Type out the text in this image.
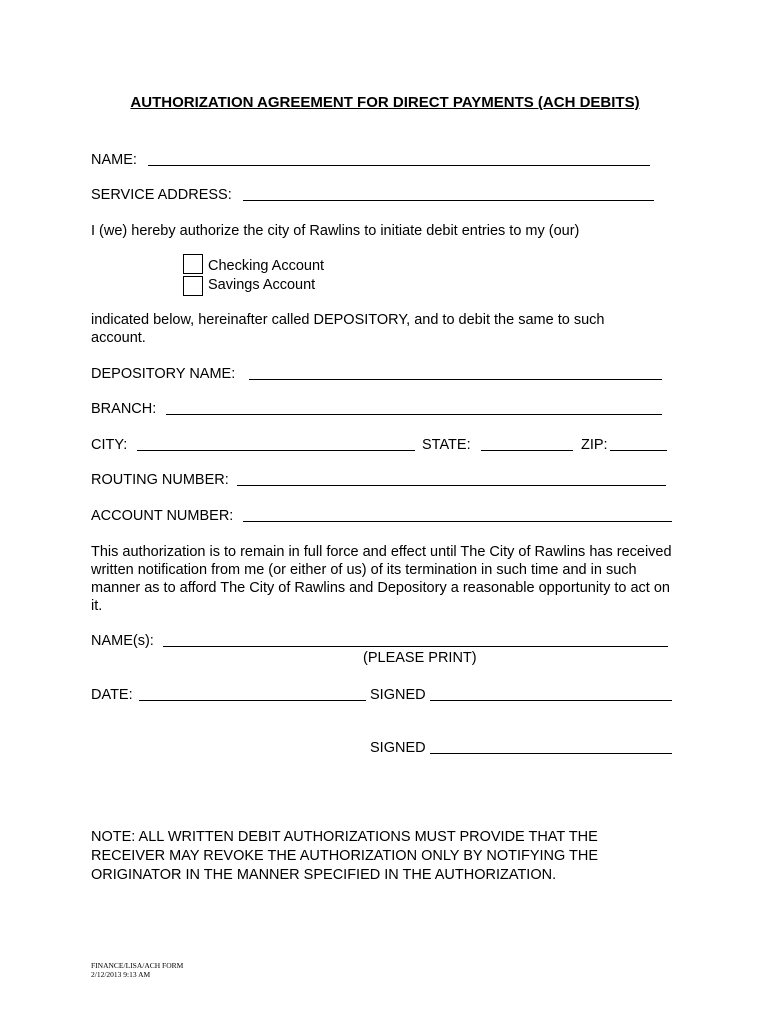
AUTHORIZATION AGREEMENT FOR DIRECT PAYMENTS (ACH DEBITS)
NAME:
SERVICE ADDRESS:
I (we) hereby authorize the city of Rawlins to initiate debit entries to my (our)
Checking Account
Savings Account
indicated below, hereinafter called DEPOSITORY, and to debit the same to such account.
DEPOSITORY NAME:
BRANCH:
CITY:	STATE:	ZIP:
ROUTING NUMBER:
ACCOUNT NUMBER:
This authorization is to remain in full force and effect until The City of Rawlins has received written notification from me (or either of us) of its termination in such time and in such manner as to afford The City of Rawlins and Depository a reasonable opportunity to act on it.
NAME(s):
(PLEASE PRINT)
DATE:	SIGNED
SIGNED
NOTE: ALL WRITTEN DEBIT AUTHORIZATIONS MUST PROVIDE THAT THE RECEIVER MAY REVOKE THE AUTHORIZATION ONLY BY NOTIFYING THE ORIGINATOR IN THE MANNER SPECIFIED IN THE AUTHORIZATION.
FINANCE/LISA/ACH FORM
2/12/2013 9:13 AM
